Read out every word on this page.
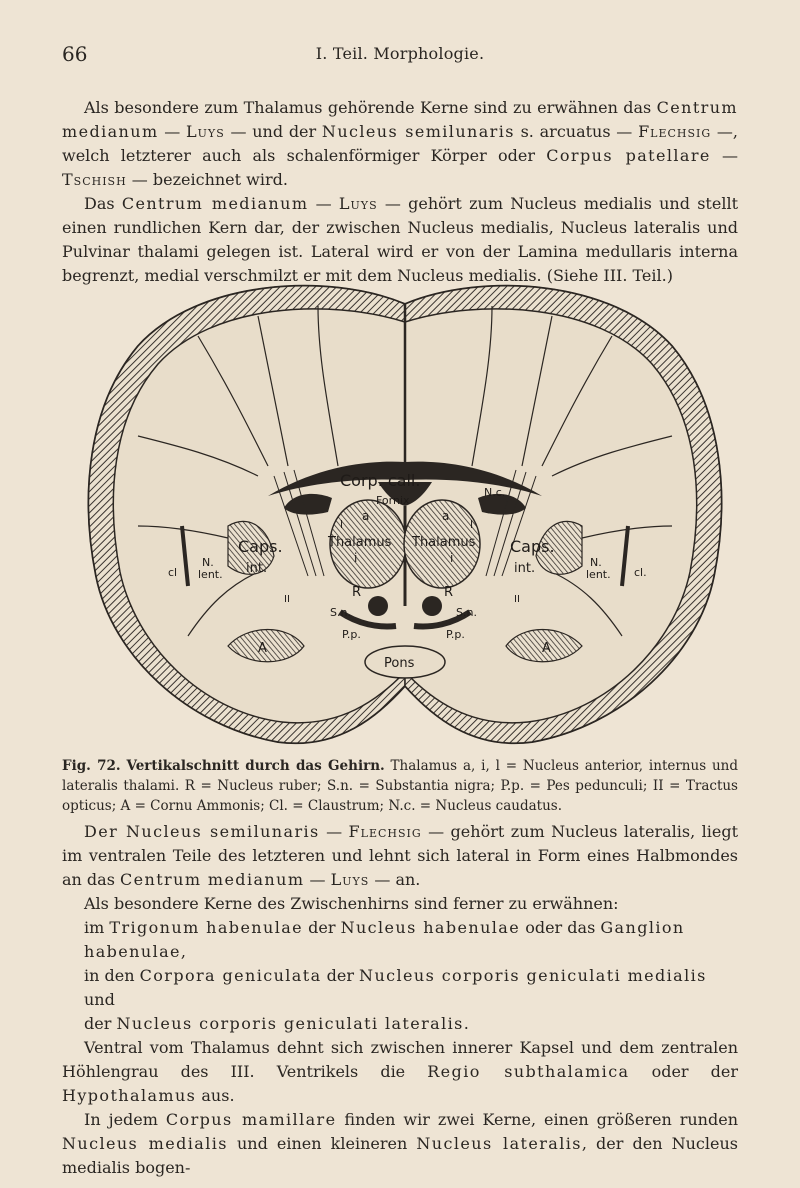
66	I. Teil. Morphologie.

Als besondere zum Thalamus gehörende Kerne sind zu erwähnen das Centrum medianum — Luys — und der Nucleus semilunaris s. arcuatus — Flechsig —, welch letzterer auch als schalenförmiger Körper oder Corpus patellare — Tschish — bezeichnet wird.

Das Centrum medianum — Luys — gehört zum Nucleus medialis und stellt einen rundlichen Kern dar, der zwischen Nucleus medialis, Nucleus lateralis und Pulvinar thalami gelegen ist. Lateral wird er von der Lamina medullaris interna begrenzt, medial verschmilzt er mit dem Nucleus medialis. (Siehe III. Teil.)

Corp. call.
Fornix
N.c.
a	a
Thalamus Thalamus
i	i
l	l
Caps.
int.
Caps.
int.
N.
lent.
N.
lent.
cl	cl.
R	R
S.n.	S.n.
P.p.	P.p.
II	II
Pons
A	A
Fig. 72. Vertikalschnitt durch das Gehirn. Thalamus a, i, l = Nucleus anterior, internus und lateralis thalami. R = Nucleus ruber; S.n. = Substantia nigra; P.p. = Pes pedunculi; II = Tractus opticus; A = Cornu Ammonis; Cl. = Claustrum; N.c. = Nucleus caudatus.

Der Nucleus semilunaris — Flechsig — gehört zum Nucleus lateralis, liegt im ventralen Teile des letzteren und lehnt sich lateral in Form eines Halbmondes an das Centrum medianum — Luys — an.

Als besondere Kerne des Zwischenhirns sind ferner zu erwähnen:

im Trigonum habenulae der Nucleus habenulae oder das Ganglion habenulae,
in den Corpora geniculata der Nucleus corporis geniculati medialis und
der Nucleus corporis geniculati lateralis.

Ventral vom Thalamus dehnt sich zwischen innerer Kapsel und dem zentralen Höhlengrau des III. Ventrikels die Regio subthalamica oder der Hypothalamus aus.

In jedem Corpus mamillare finden wir zwei Kerne, einen größeren runden Nucleus medialis und einen kleineren Nucleus lateralis, der den Nucleus medialis bogen-
